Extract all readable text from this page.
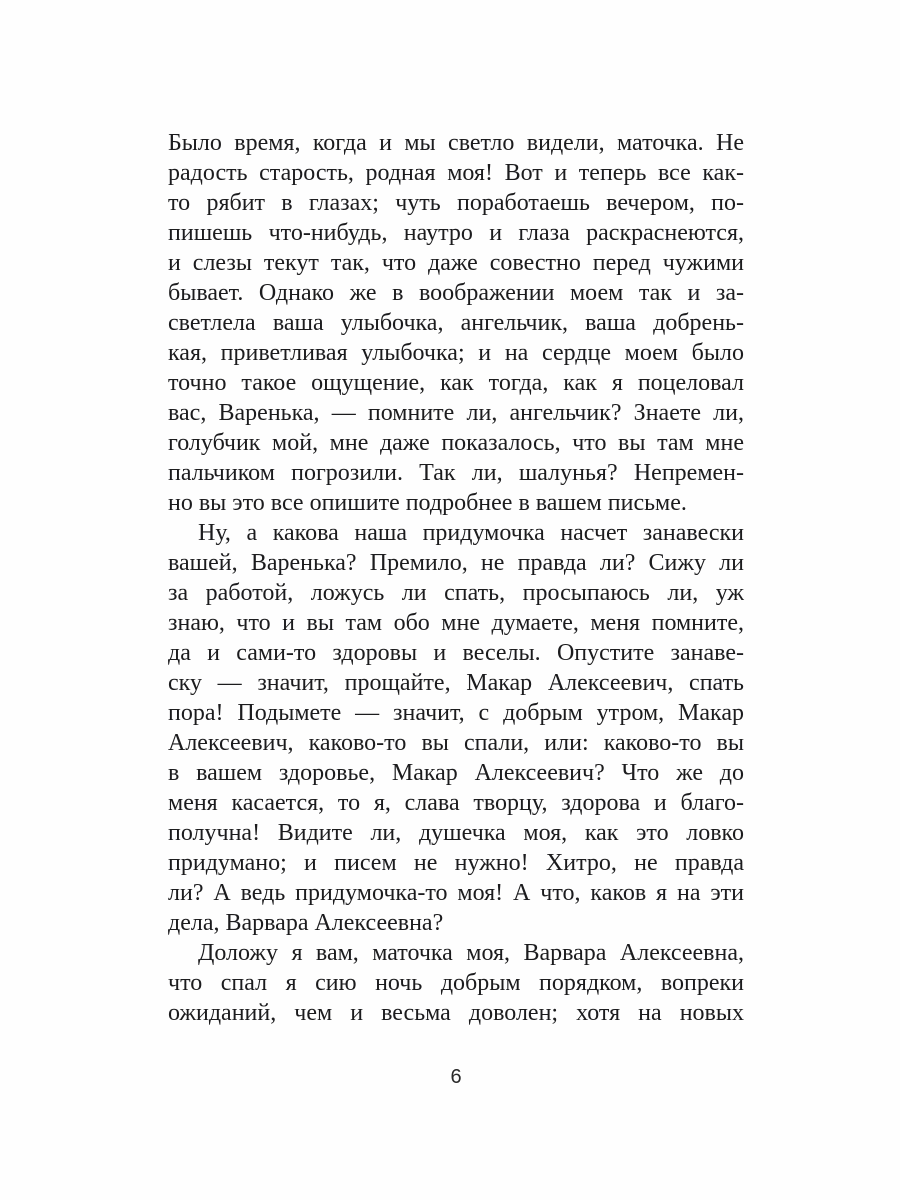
Было время, когда и мы светло видели, маточка. Не
радость старость, родная моя! Вот и теперь все как-
то рябит в глазах; чуть поработаешь вечером, по-
пишешь что-нибудь, наутро и глаза раскраснеются,
и слезы текут так, что даже совестно перед чужими
бывает. Однако же в воображении моем так и за-
светлела ваша улыбочка, ангельчик, ваша добрень-
кая, приветливая улыбочка; и на сердце моем было
точно такое ощущение, как тогда, как я поцеловал
вас, Варенька, — помните ли, ангельчик? Знаете ли,
голубчик мой, мне даже показалось, что вы там мне
пальчиком погрозили. Так ли, шалунья? Непремен-
но вы это все опишите подробнее в вашем письме.
Ну, а какова наша придумочка насчет занавески
вашей, Варенька? Премило, не правда ли? Сижу ли
за работой, ложусь ли спать, просыпаюсь ли, уж
знаю, что и вы там обо мне думаете, меня помните,
да и сами-то здоровы и веселы. Опустите занаве-
ску — значит, прощайте, Макар Алексеевич, спать
пора! Подымете — значит, с добрым утром, Макар
Алексеевич, каково-то вы спали, или: каково-то вы
в вашем здоровье, Макар Алексеевич? Что же до
меня касается, то я, слава творцу, здорова и благо-
получна! Видите ли, душечка моя, как это ловко
придумано; и писем не нужно! Хитро, не правда
ли? А ведь придумочка-то моя! А что, каков я на эти
дела, Варвара Алексеевна?
Доложу я вам, маточка моя, Варвара Алексеевна,
что спал я сию ночь добрым порядком, вопреки
ожиданий, чем и весьма доволен; хотя на новых
6
